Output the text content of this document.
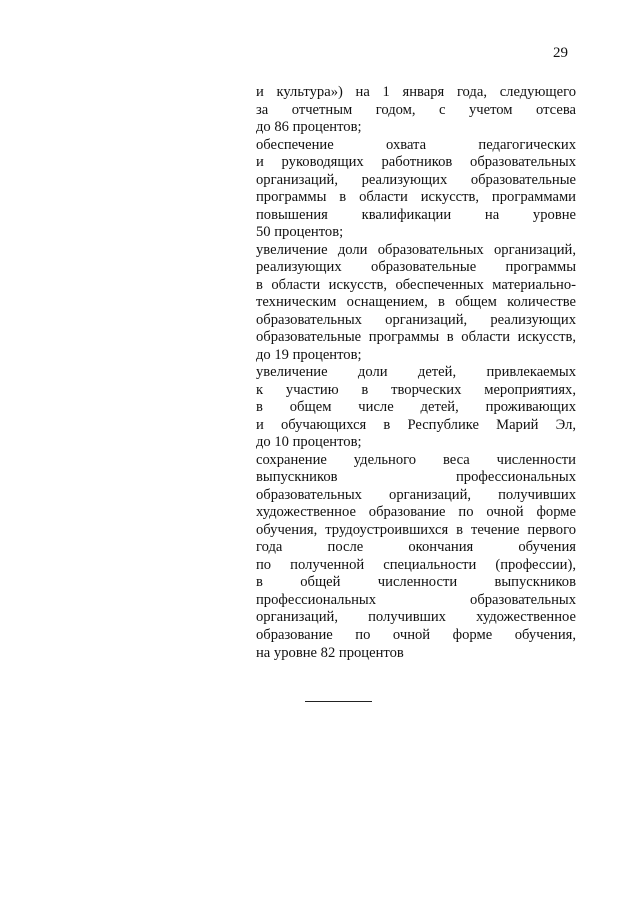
29
и культура») на 1 января года, следующего
за отчетным годом, с учетом отсева
до 86 процентов;
обеспечение охвата педагогических
и руководящих работников образовательных
организаций, реализующих образовательные
программы в области искусств, программами
повышения квалификации на уровне
50 процентов;
увеличение доли образовательных организаций,
реализующих образовательные программы
в области искусств, обеспеченных материально-
техническим оснащением, в общем количестве
образовательных организаций, реализующих
образовательные программы в области искусств,
до 19 процентов;
увеличение доли детей, привлекаемых
к участию в творческих мероприятиях,
в общем числе детей, проживающих
и обучающихся в Республике Марий Эл,
до 10 процентов;
сохранение удельного веса численности
выпускников профессиональных
образовательных организаций, получивших
художественное образование по очной форме
обучения, трудоустроившихся в течение первого
года после окончания обучения
по полученной специальности (профессии),
в общей численности выпускников
профессиональных образовательных
организаций, получивших художественное
образование по очной форме обучения,
на уровне 82 процентов
